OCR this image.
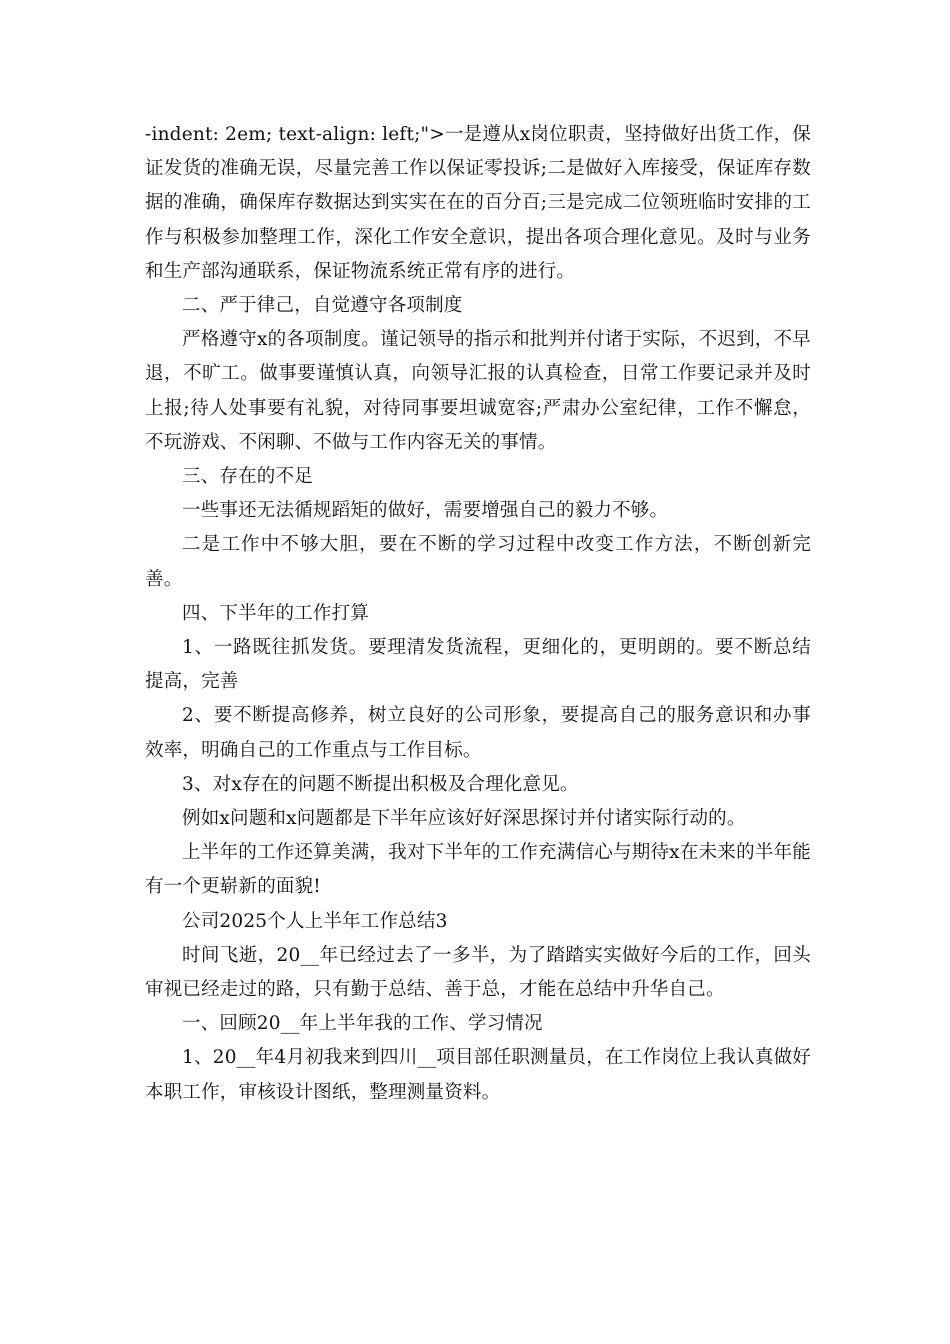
-indent: 2em; text-align: left;">一是遵从x岗位职责，坚持做好出货工作，保证发货的准确无误，尽量完善工作以保证零投诉;二是做好入库接受，保证库存数据的准确，确保库存数据达到实实在在的百分百;三是完成二位领班临时安排的工作与积极参加整理工作，深化工作安全意识，提出各项合理化意见。及时与业务和生产部沟通联系，保证物流系统正常有序的进行。

二、严于律己，自觉遵守各项制度

严格遵守x的各项制度。谨记领导的指示和批判并付诸于实际，不迟到，不早退，不旷工。做事要谨慎认真，向领导汇报的认真检查，日常工作要记录并及时上报;待人处事要有礼貌，对待同事要坦诚宽容;严肃办公室纪律，工作不懈怠，不玩游戏、不闲聊、不做与工作内容无关的事情。

三、存在的不足

一些事还无法循规蹈矩的做好，需要增强自己的毅力不够。

二是工作中不够大胆，要在不断的学习过程中改变工作方法，不断创新完善。

四、下半年的工作打算

1、一路既往抓发货。要理清发货流程，更细化的，更明朗的。要不断总结提高，完善

2、要不断提高修养，树立良好的公司形象，要提高自己的服务意识和办事效率，明确自己的工作重点与工作目标。

3、对x存在的问题不断提出积极及合理化意见。

例如x问题和x问题都是下半年应该好好深思探讨并付诸实际行动的。

上半年的工作还算美满，我对下半年的工作充满信心与期待x在未来的半年能有一个更崭新的面貌!

公司2025个人上半年工作总结3

时间飞逝，20__年已经过去了一多半，为了踏踏实实做好今后的工作，回头审视已经走过的路，只有勤于总结、善于总，才能在总结中升华自己。

一、回顾20__年上半年我的工作、学习情况

1、20__年4月初我来到四川__项目部任职测量员，在工作岗位上我认真做好本职工作，审核设计图纸，整理测量资料。
